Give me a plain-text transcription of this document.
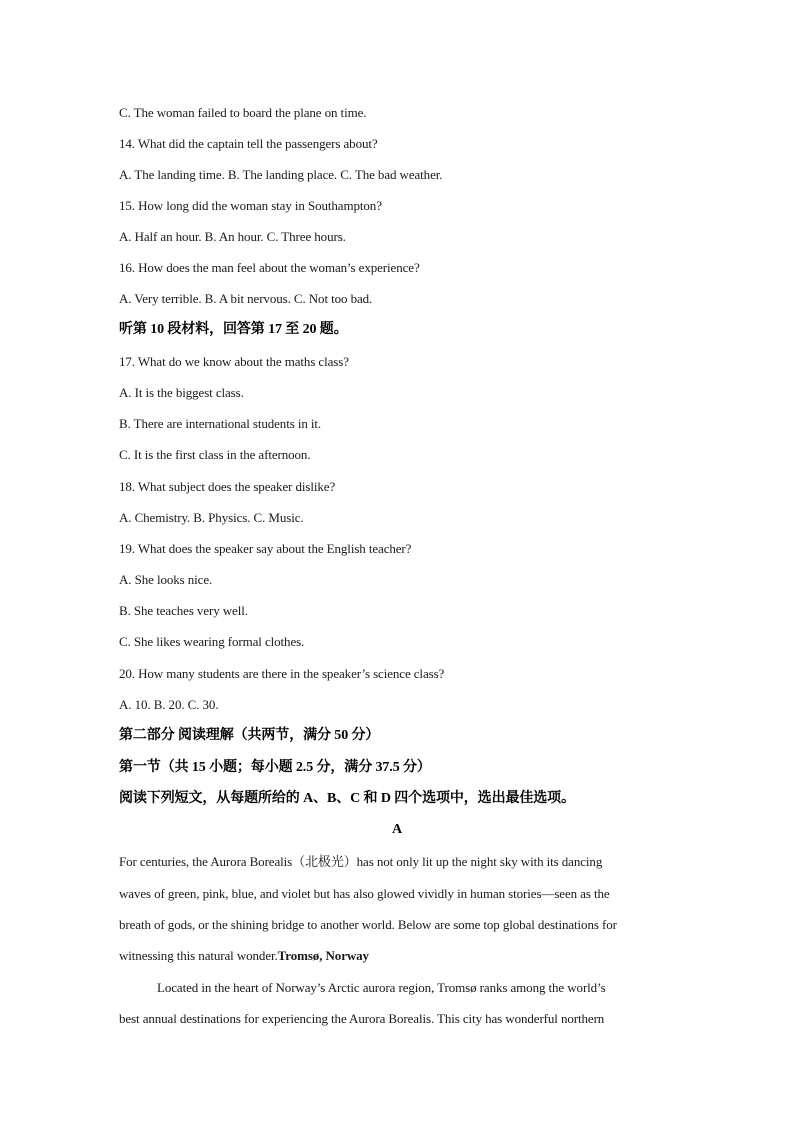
C. The woman failed to board the plane on time.
14. What did the captain tell the passengers about?
A. The landing time. B. The landing place. C. The bad weather.
15. How long did the woman stay in Southampton?
A. Half an hour. B. An hour. C. Three hours.
16. How does the man feel about the woman’s experience?
A. Very terrible. B. A bit nervous. C. Not too bad.
听第 10 段材料，回答第 17 至 20 题。
17. What do we know about the maths class?
A. It is the biggest class.
B. There are international students in it.
C. It is the first class in the afternoon.
18. What subject does the speaker dislike?
A. Chemistry. B. Physics. C. Music.
19. What does the speaker say about the English teacher?
A. She looks nice.
B. She teaches very well.
C. She likes wearing formal clothes.
20. How many students are there in the speaker’s science class?
A. 10. B. 20. C. 30.
第二部分 阅读理解（共两节，满分 50 分）
第一节（共 15 小题；每小题 2.5 分，满分 37.5 分）
阅读下列短文，从每题所给的 A、B、C 和 D 四个选项中，选出最佳选项。
A
For centuries, the Aurora Borealis（北极光）has not only lit up the night sky with its dancing
waves of green, pink, blue, and violet but has also glowed vividly in human stories—seen as the
breath of gods, or the shining bridge to another world. Below are some top global destinations for
witnessing this natural wonder.Tromsø, Norway
Located in the heart of Norway’s Arctic aurora region, Tromsø ranks among the world’s
best annual destinations for experiencing the Aurora Borealis. This city has wonderful northern
